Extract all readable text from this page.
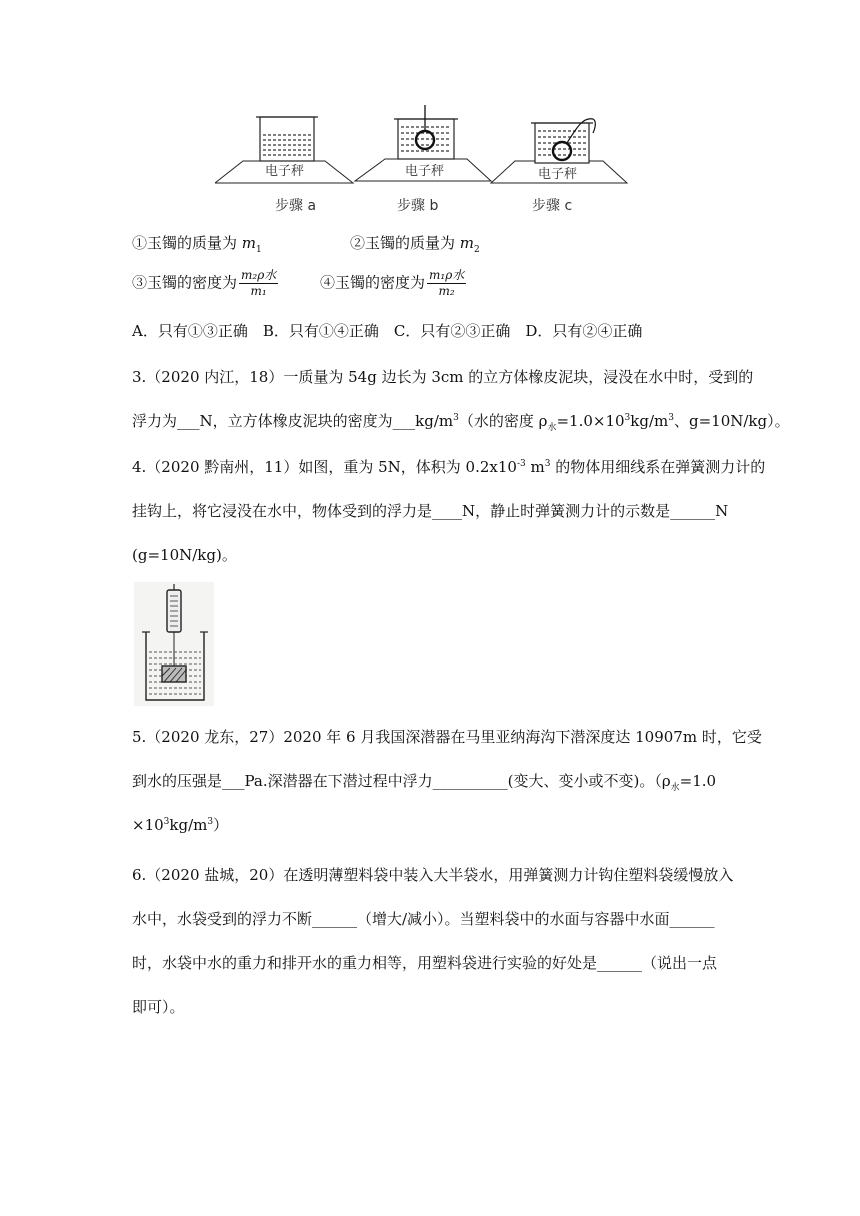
电子秤	电子秤	电子秤
步骤 a	步骤 b	步骤 c
①玉镯的质量为 $m_1$	②玉镯的质量为 $m_2$
③玉镯的密度为 $\frac{\text{m₂ρ水}}{\text{m₁}}$	④玉镯的密度为 $\frac{\text{m₁ρ水}}{\text{m₂}}$
A．只有①③正确　B．只有①④正确　C．只有②③正确　D．只有②④正确
3.（2020 内江，18）一质量为 54g 边长为 3cm 的立方体橡皮泥块，浸没在水中时，受到的
浮力为___N，立方体橡皮泥块的密度为$\_\_\_kg/m^3$（水的密度 $\rho_水=1.0\times 10^3kg/m^3$、g=10N/kg）。
4.（2020 黔南州，11）如图，重为 5N，体积为 $0.2x10^{-3}$ $m^3$ 的物体用细线系在弹簧测力计的
挂钩上，将它浸没在水中，物体受到的浮力是____N，静止时弹簧测力计的示数是______N
(g=10N/kg)。
5.（2020 龙东，27）2020 年 6 月我国深潜器在马里亚纳海沟下潜深度达 10907m 时，它受
到水的压强是___Pa.深潜器在下潜过程中浮力__________(变大、变小或不变)。（$\rho_水=1.0$
$\times 10^3kg/m^3$）
6.（2020 盐城，20）在透明薄塑料袋中装入大半袋水，用弹簧测力计钩住塑料袋缓慢放入
水中，水袋受到的浮力不断______（增大/减小）。当塑料袋中的水面与容器中水面______
时，水袋中水的重力和排开水的重力相等，用塑料袋进行实验的好处是______（说出一点
即可）。
